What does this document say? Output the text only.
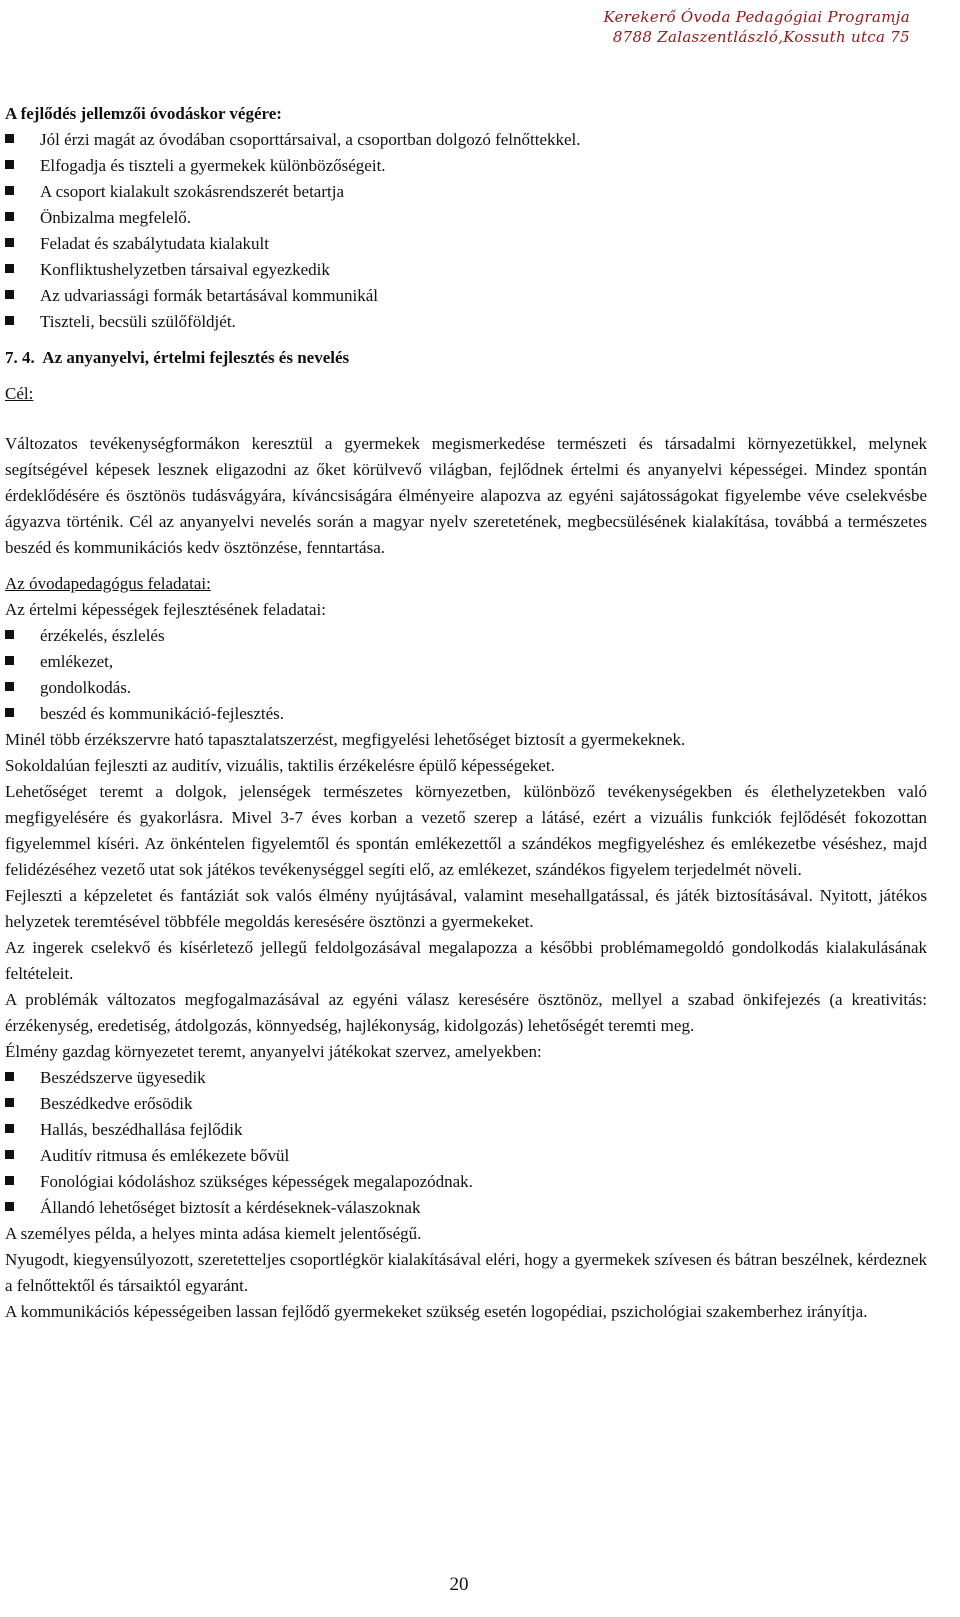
Kerekerő Óvoda Pedagógiai Programja
8788 Zalaszentlászló,Kossuth utca 75
A fejlődés jellemzői óvodáskor végére:
Jól érzi magát az óvodában csoporttársaival, a csoportban dolgozó felnőttekkel.
Elfogadja és tiszteli a gyermekek különbözőségeit.
A csoport kialakult szokásrendszerét betartja
Önbizalma megfelelő.
Feladat és szabálytudata kialakult
Konfliktushelyzetben társaival egyezkedik
Az udvariassági formák betartásával kommunikál
Tiszteli, becsüli szülőföldjét.
7. 4.  Az anyanyelvi, értelmi fejlesztés és nevelés
Cél:
Változatos tevékenységformákon keresztül a gyermekek megismerkedése természeti és társadalmi környezetükkel, melynek segítségével képesek lesznek eligazodni az őket körülvevő világban, fejlődnek értelmi és anyanyelvi képességei. Mindez spontán érdeklődésére és ösztönös tudásvágyára, kíváncsiságára élményeire alapozva az egyéni sajátosságokat figyelembe véve cselekvésbe ágyazva történik. Cél az anyanyelvi nevelés során a magyar nyelv szeretetének, megbecsülésének kialakítása, továbbá a természetes beszéd és kommunikációs kedv ösztönzése, fenntartása.
Az óvodapedagógus feladatai:
Az értelmi képességek fejlesztésének feladatai:
érzékelés, észlelés
emlékezet,
gondolkodás.
beszéd és kommunikáció-fejlesztés.
Minél több érzékszervre ható tapasztalatszerzést, megfigyelési lehetőséget biztosít a gyermekeknek.
Sokoldalúan fejleszti az auditív, vizuális, taktilis érzékelésre épülő képességeket.
Lehetőséget teremt a dolgok, jelenségek természetes környezetben, különböző tevékenységekben és élethelyzetekben való megfigyelésére és gyakorlásra. Mivel 3-7 éves korban a vezető szerep a látásé, ezért a vizuális funkciók fejlődését fokozottan figyelemmel kíséri. Az önkéntelen figyelemtől és spontán emlékezettől a szándékos megfigyeléshez és emlékezetbe véséshez, majd felidézéséhez vezető utat sok játékos tevékenységgel segíti elő, az emlékezet, szándékos figyelem terjedelmét növeli.
Fejleszti a képzeletet és fantáziát sok valós élmény nyújtásával, valamint mesehallgatással, és játék biztosításával. Nyitott, játékos helyzetek teremtésével többféle megoldás keresésére ösztönzi a gyermekeket.
Az ingerek cselekvő és kísérletező jellegű feldolgozásával megalapozza a későbbi problémamegoldó gondolkodás kialakulásának feltételeit.
A problémák változatos megfogalmazásával az egyéni válasz keresésére ösztönöz, mellyel a szabad önkifejezés (a kreativitás: érzékenység, eredetiség, átdolgozás, könnyedség, hajlékonyság, kidolgozás) lehetőségét teremti meg.
Élmény gazdag környezetet teremt, anyanyelvi játékokat szervez, amelyekben:
Beszédszerve ügyesedik
Beszédkedve erősödik
Hallás, beszédhallása fejlődik
Auditív ritmusa és emlékezete bővül
Fonológiai kódoláshoz szükséges képességek megalapozódnak.
Állandó lehetőséget biztosít a kérdéseknek-válaszoknak
A személyes példa, a helyes minta adása kiemelt jelentőségű.
Nyugodt, kiegyensúlyozott, szeretetteljes csoportlégkör kialakításával eléri, hogy a gyermekek szívesen és bátran beszélnek, kérdeznek a felnőttektől és társaiktól egyaránt.
A kommunikációs képességeiben lassan fejlődő gyermekeket szükség esetén logopédiai, pszichológiai szakemberhez irányítja.
20
